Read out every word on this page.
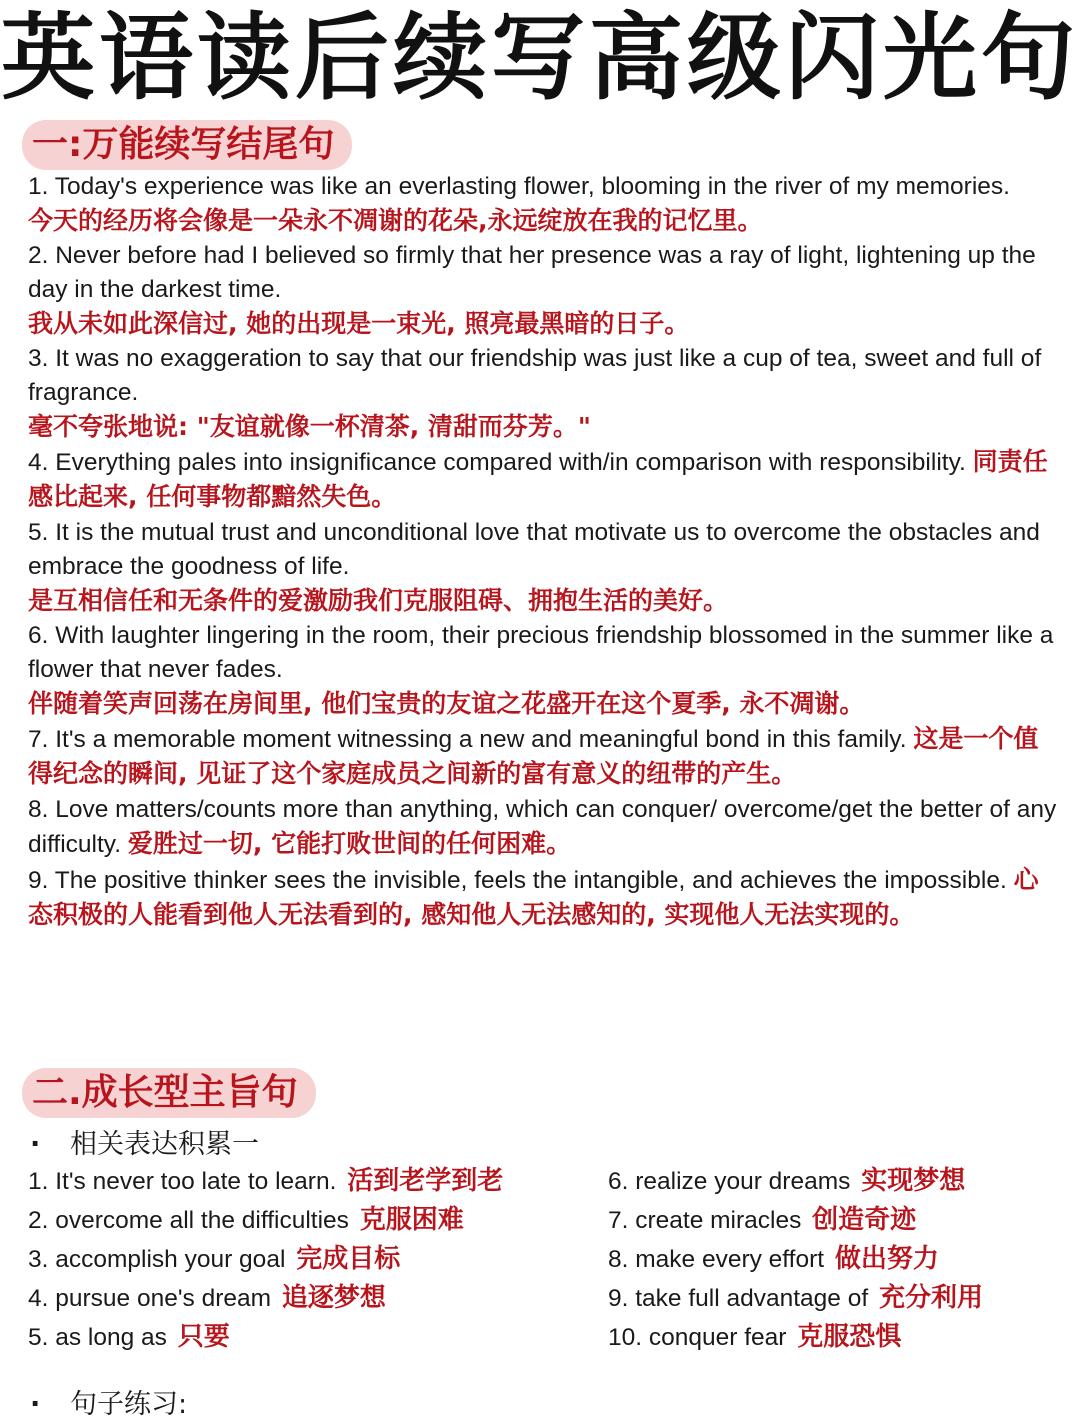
英语读后续写高级闪光句
一:万能续写结尾句
1. Today's experience was like an everlasting flower, blooming in the river of my memories.
今天的经历将会像是一朵永不凋谢的花朵,永远绽放在我的记忆里。
2. Never before had I believed so firmly that her presence was a ray of light, lightening up the day in the darkest time.
我从未如此深信过, 她的出现是一束光, 照亮最黑暗的日子。
3. It was no exaggeration to say that our friendship was just like a cup of tea, sweet and full of fragrance.
毫不夸张地说: "友谊就像一杯清茶, 清甜而芬芳。"
4. Everything pales into insignificance compared with/in comparison with responsibility. 同责任感比起来, 任何事物都黯然失色。
5. It is the mutual trust and unconditional love that motivate us to overcome the obstacles and embrace the goodness of life.
是互相信任和无条件的爱激励我们克服阻碍、拥抱生活的美好。
6. With laughter lingering in the room, their precious friendship blossomed in the summer like a flower that never fades.
伴随着笑声回荡在房间里, 他们宝贵的友谊之花盛开在这个夏季, 永不凋谢。
7. It's a memorable moment witnessing a new and meaningful bond in this family. 这是一个值得纪念的瞬间, 见证了这个家庭成员之间新的富有意义的纽带的产生。
8. Love matters/counts more than anything, which can conquer/ overcome/get the better of any difficulty. 爱胜过一切, 它能打败世间的任何困难。
9. The positive thinker sees the invisible, feels the intangible, and achieves the impossible. 心态积极的人能看到他人无法看到的, 感知他人无法感知的, 实现他人无法实现的。
二.成长型主旨句
· 相关表达积累一
1. It's never too late to learn. 活到老学到老
2. overcome all the difficulties 克服困难
3. accomplish your goal 完成目标
4. pursue one's dream 追逐梦想
5. as long as 只要
6. realize your dreams 实现梦想
7. create miracles 创造奇迹
8. make every effort 做出努力
9. take full advantage of 充分利用
10. conquer fear 克服恐惧
· 句子练习:
